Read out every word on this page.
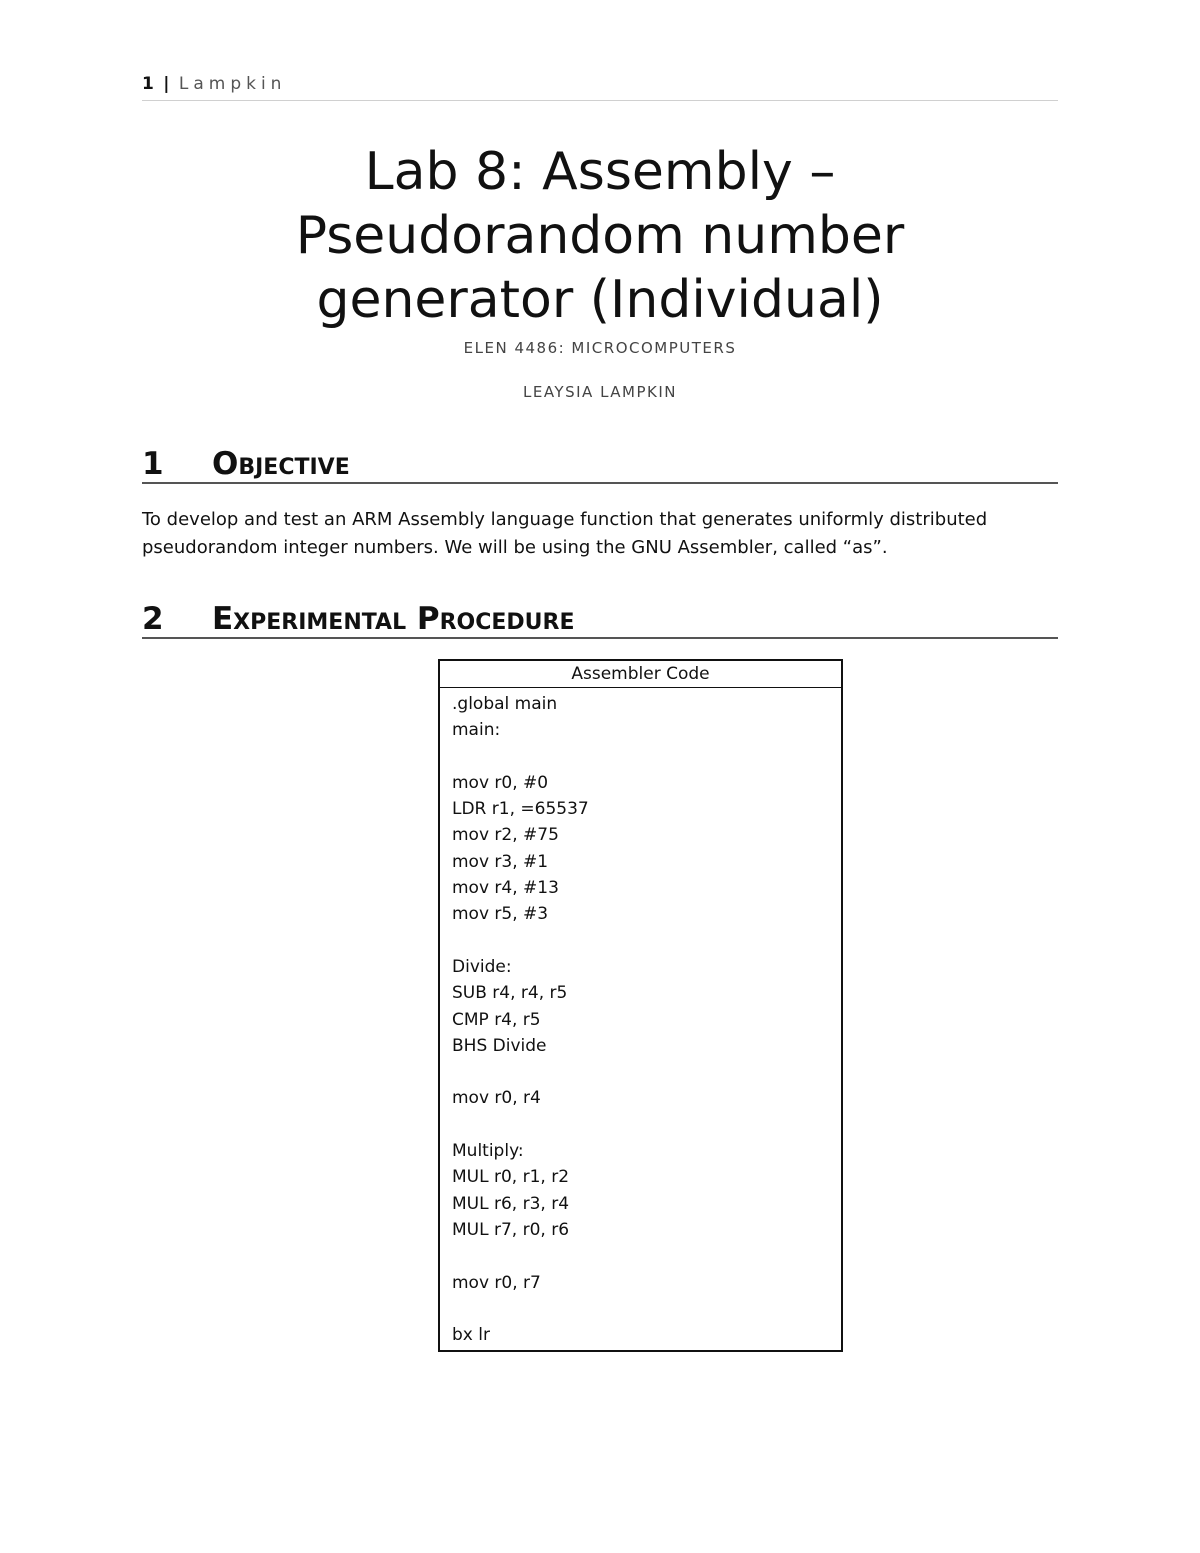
1 | Lampkin
Lab 8: Assembly –
Pseudorandom number
generator (Individual)
ELEN 4486: MICROCOMPUTERS
LEAYSIA LAMPKIN
1 Objective
To develop and test an ARM Assembly language function that generates uniformly distributed
pseudorandom integer numbers. We will be using the GNU Assembler, called “as”.
2 Experimental Procedure
Assembler Code
.global main
main:
mov r0, #0
LDR r1, =65537
mov r2, #75
mov r3, #1
mov r4, #13
mov r5, #3
Divide:
SUB r4, r4, r5
CMP r4, r5
BHS Divide
mov r0, r4
Multiply:
MUL r0, r1, r2
MUL r6, r3, r4
MUL r7, r0, r6
mov r0, r7
bx lr
